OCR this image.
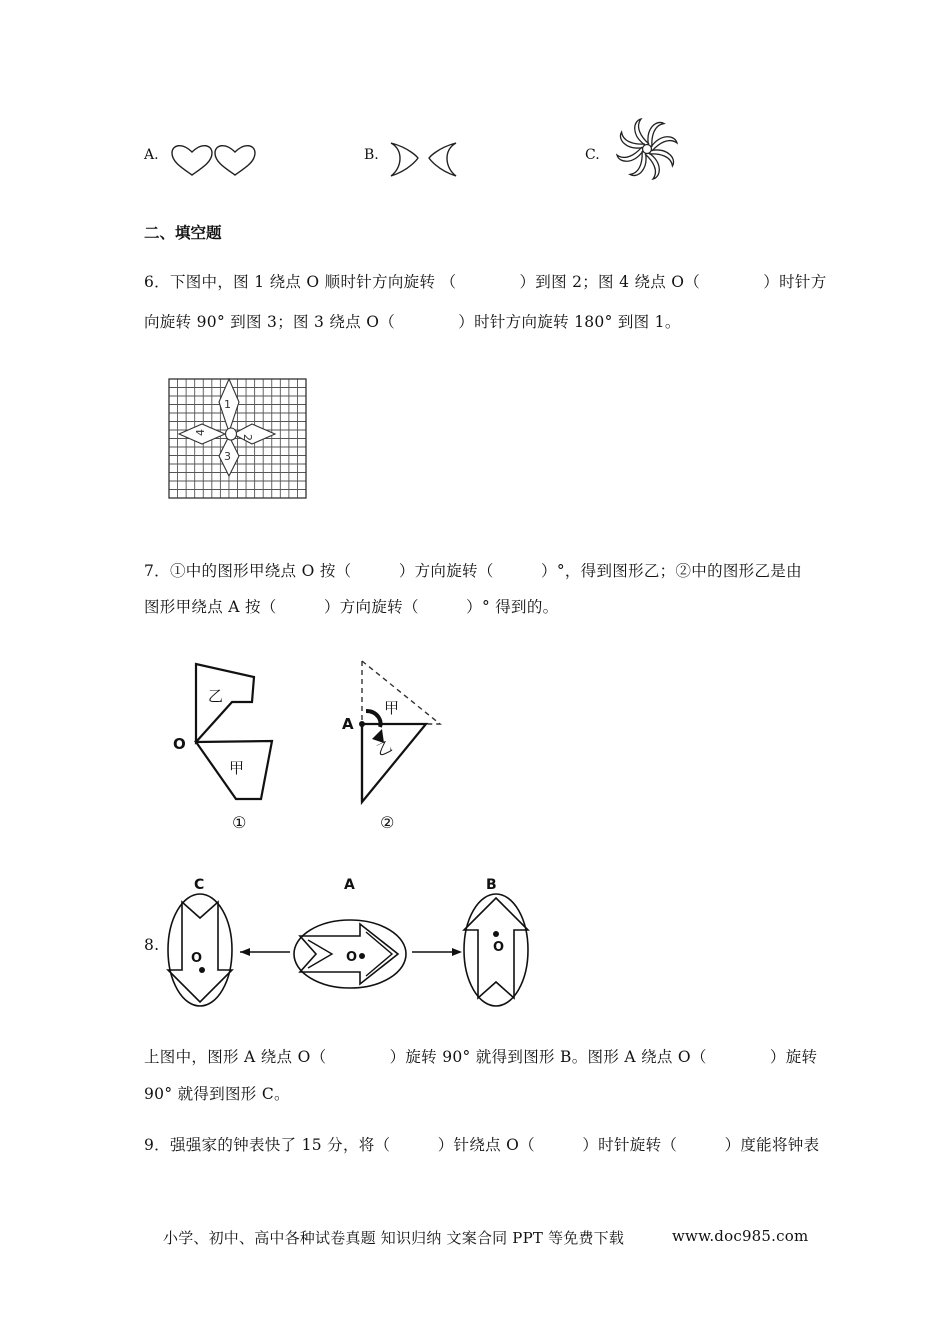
A.	B.	C.
二、填空题
6．下图中，图 1 绕点 O 顺时针方向旋转 （　　　　）到图 2；图 4 绕点 O（　　　　）时针方
向旋转 90° 到图 3；图 3 绕点 O（　　　　）时针方向旋转 180° 到图 1。
1
2
3
4
7．①中的图形甲绕点 O 按（　　　）方向旋转（　　　）°，得到图形乙；②中的图形乙是由
图形甲绕点 A 按（　　　）方向旋转（　　　）° 得到的。
乙
甲
O
①
甲
乙
A
②
8.
C
O
A
O
B
O
上图中，图形 A 绕点 O（　　　　）旋转 90° 就得到图形 B。图形 A 绕点 O（　　　　）旋转
90° 就得到图形 C。
9．强强家的钟表快了 15 分，将（　　　）针绕点 O（　　　）时针旋转（　　　）度能将钟表
小学、初中、高中各种试卷真题 知识归纳 文案合同 PPT 等免费下载	www.doc985.com
